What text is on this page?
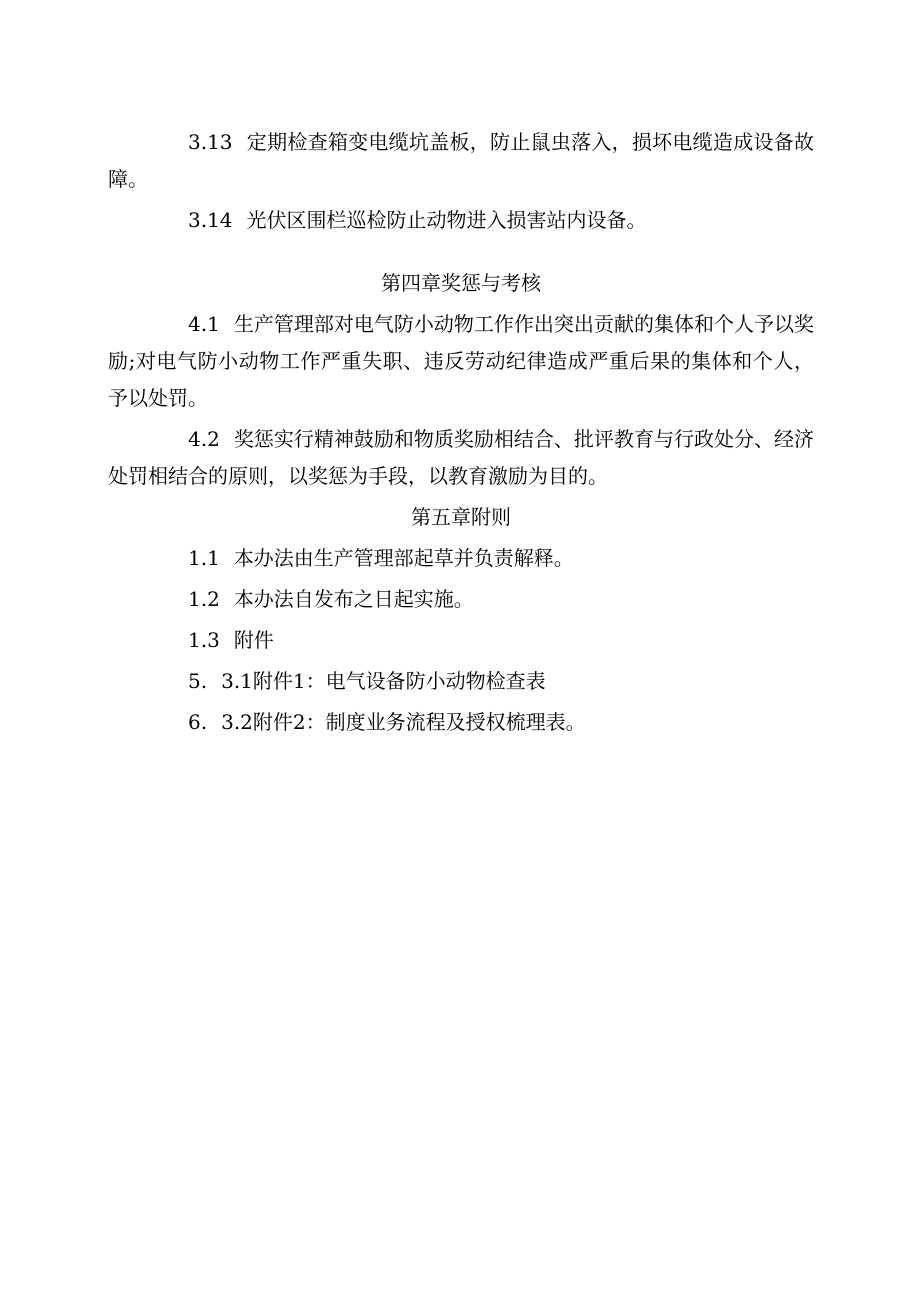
3.13 定期检查箱变电缆坑盖板，防止鼠虫落入，损坏电缆造成设备故障。

3.14 光伏区围栏巡检防止动物进入损害站内设备。

第四章奖惩与考核

4.1 生产管理部对电气防小动物工作作出突出贡献的集体和个人予以奖励;对电气防小动物工作严重失职、违反劳动纪律造成严重后果的集体和个人，予以处罚。

4.2 奖惩实行精神鼓励和物质奖励相结合、批评教育与行政处分、经济处罚相结合的原则，以奖惩为手段，以教育激励为目的。

第五章附则

1.1 本办法由生产管理部起草并负责解释。

1.2 本办法自发布之日起实施。

1.3 附件

5. 3.1附件1：电气设备防小动物检查表

6. 3.2附件2：制度业务流程及授权梳理表。
